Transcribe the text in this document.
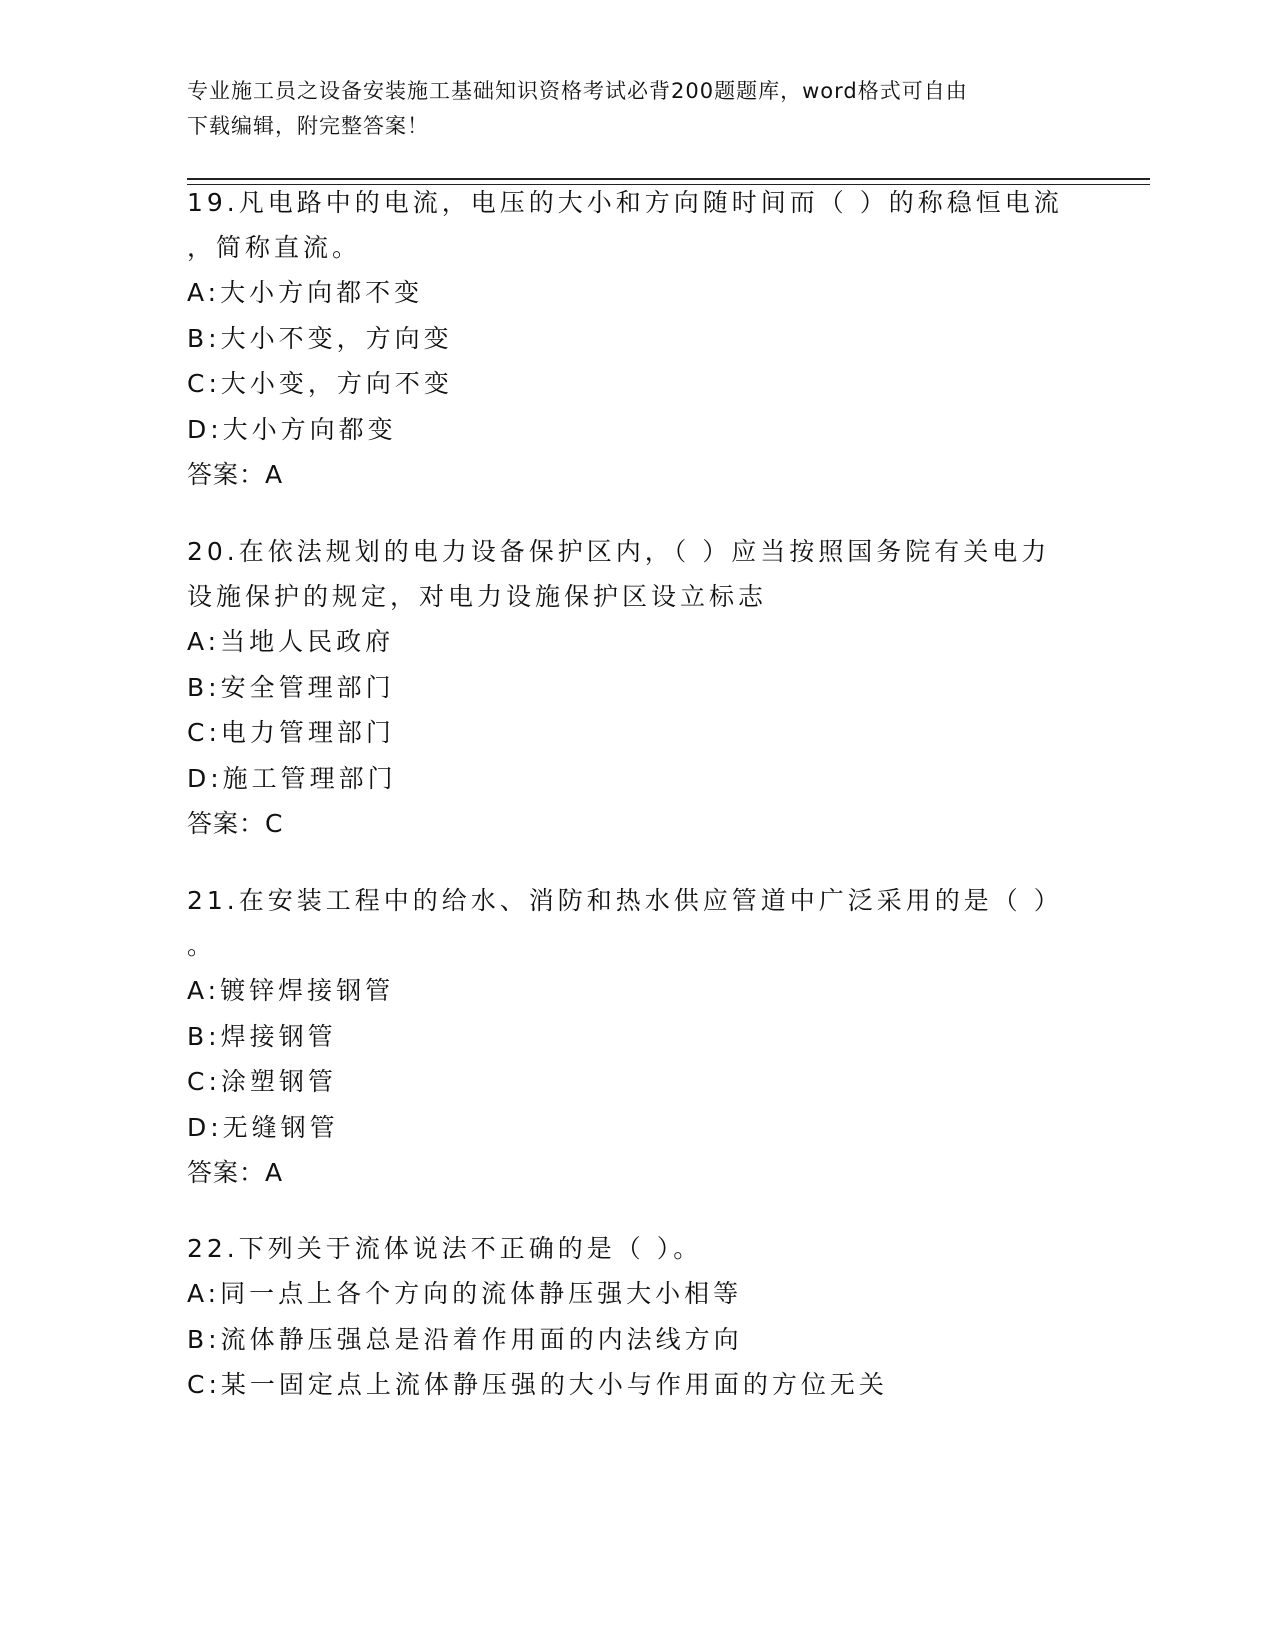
专业施工员之设备安装施工基础知识资格考试必背200题题库，word格式可自由
下载编辑，附完整答案！

19.凡电路中的电流，电压的大小和方向随时间而（ ）的称稳恒电流

，简称直流。

A:大小方向都不变

B:大小不变，方向变

C:大小变，方向不变

D:大小方向都变

答案：A

20.在依法规划的电力设备保护区内，（ ）应当按照国务院有关电力

设施保护的规定，对电力设施保护区设立标志

A:当地人民政府

B:安全管理部门

C:电力管理部门

D:施工管理部门

答案：C

21.在安装工程中的给水、消防和热水供应管道中广泛采用的是（ ）

。

A:镀锌焊接钢管

B:焊接钢管

C:涂塑钢管

D:无缝钢管

答案：A

22.下列关于流体说法不正确的是（ ）。

A:同一点上各个方向的流体静压强大小相等

B:流体静压强总是沿着作用面的内法线方向

C:某一固定点上流体静压强的大小与作用面的方位无关
